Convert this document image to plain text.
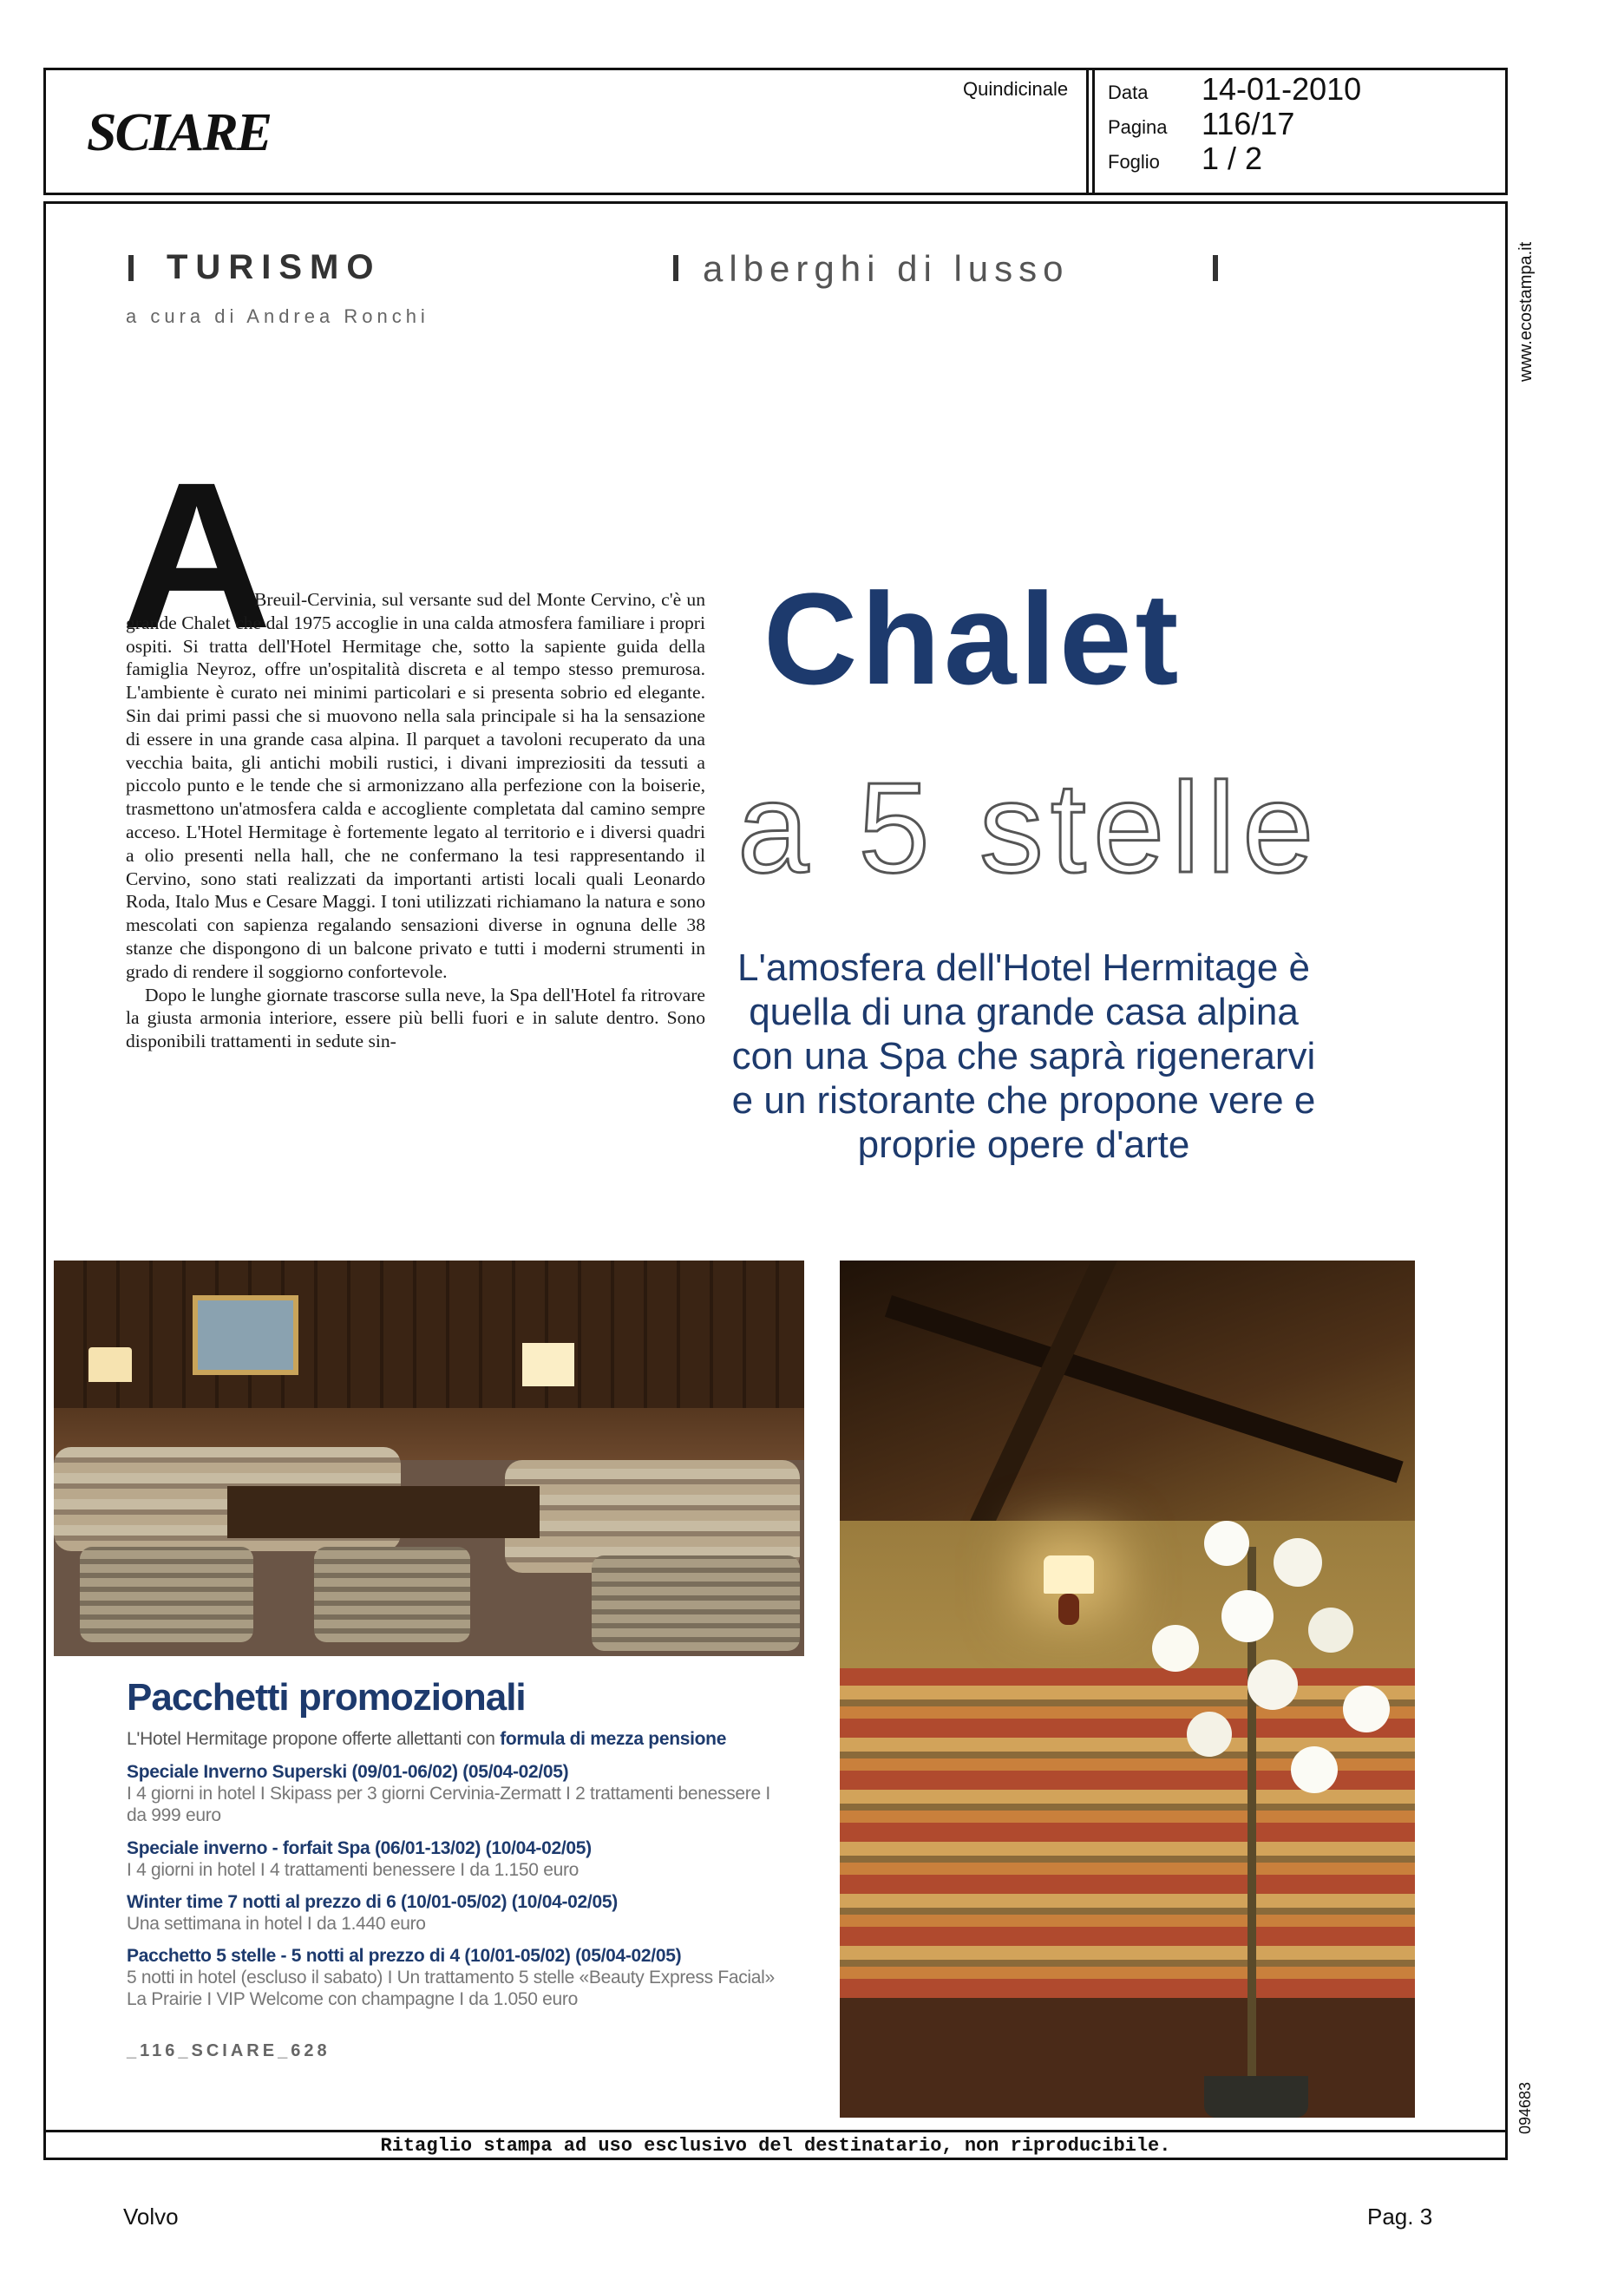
SCIARE
Quindicinale Data 14-01-2010
Pagina 116/17
Foglio 1 / 2
www.ecostampa.it
094683
TURISMO	alberghi di lusso
a cura di Andrea Ronchi
A

Breuil-Cervinia, sul versante sud del Monte Cervino, c'è un grande Chalet che dal 1975 accoglie in una calda atmosfera familiare i propri ospiti. Si tratta dell'Hotel Hermitage che, sotto la sapiente guida della famiglia Neyroz, offre un'ospitalità discreta e al tempo stesso premurosa. L'ambiente è curato nei minimi particolari e si presenta sobrio ed elegante. Sin dai primi passi che si muovono nella sala principale si ha la sensazione di essere in una grande casa alpina. Il parquet a tavoloni recuperato da una vecchia baita, gli antichi mobili rustici, i divani impreziositi da tessuti a piccolo punto e le tende che si armonizzano alla perfezione con la boiserie, trasmettono un'atmosfera calda e accogliente completata dal camino sempre acceso. L'Hotel Hermitage è fortemente legato al territorio e i diversi quadri a olio presenti nella hall, che ne confermano la tesi rappresentando il Cervino, sono stati realizzati da importanti artisti locali quali Leonardo Roda, Italo Mus e Cesare Maggi. I toni utilizzati richiamano la natura e sono mescolati con sapienza regalando sensazioni diverse in ognuna delle 38 stanze che dispongono di un balcone privato e tutti i moderni strumenti in grado di rendere il soggiorno confortevole.

Dopo le lunghe giornate trascorse sulla neve, la Spa dell'Hotel fa ritrovare la giusta armonia interiore, essere più belli fuori e in salute dentro. Sono disponibili trattamenti in sedute sin-

Chalet
a 5 stelle
L'amosfera dell'Hotel Hermitage è quella di una grande casa alpina con una Spa che saprà rigenerarvi e un ristorante che propone vere e proprie opere d'arte
Pacchetti promozionali
L'Hotel Hermitage propone offerte allettanti con formula di mezza pensione
Speciale Inverno Superski (09/01-06/02) (05/04-02/05)
I 4 giorni in hotel I Skipass per 3 giorni Cervinia-Zermatt I 2 trattamenti benessere I da 999 euro
Speciale inverno - forfait Spa (06/01-13/02) (10/04-02/05)
I 4 giorni in hotel I 4 trattamenti benessere I da 1.150 euro
Winter time 7 notti al prezzo di 6 (10/01-05/02) (10/04-02/05)
Una settimana in hotel I da 1.440 euro
Pacchetto 5 stelle - 5 notti al prezzo di 4 (10/01-05/02) (05/04-02/05)
5 notti in hotel (escluso il sabato) I Un trattamento 5 stelle «Beauty Express Facial» La Prairie I VIP Welcome con champagne I da 1.050 euro
_116_SCIARE_628
Ritaglio stampa ad uso esclusivo del destinatario, non riproducibile.
Volvo	Pag. 3
